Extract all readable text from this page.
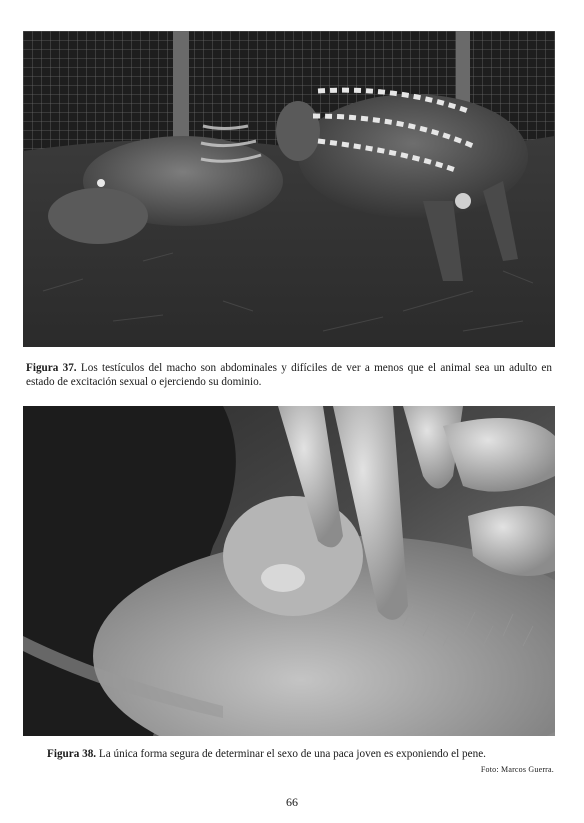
Figura 37. Los testículos del macho son abdominales y difíciles de ver a menos que el animal sea un adulto en estado de excitación sexual o ejerciendo su dominio.

Figura 38. La única forma segura de determinar el sexo de una paca joven es exponiendo el pene.

Foto: Marcos Guerra.

66
